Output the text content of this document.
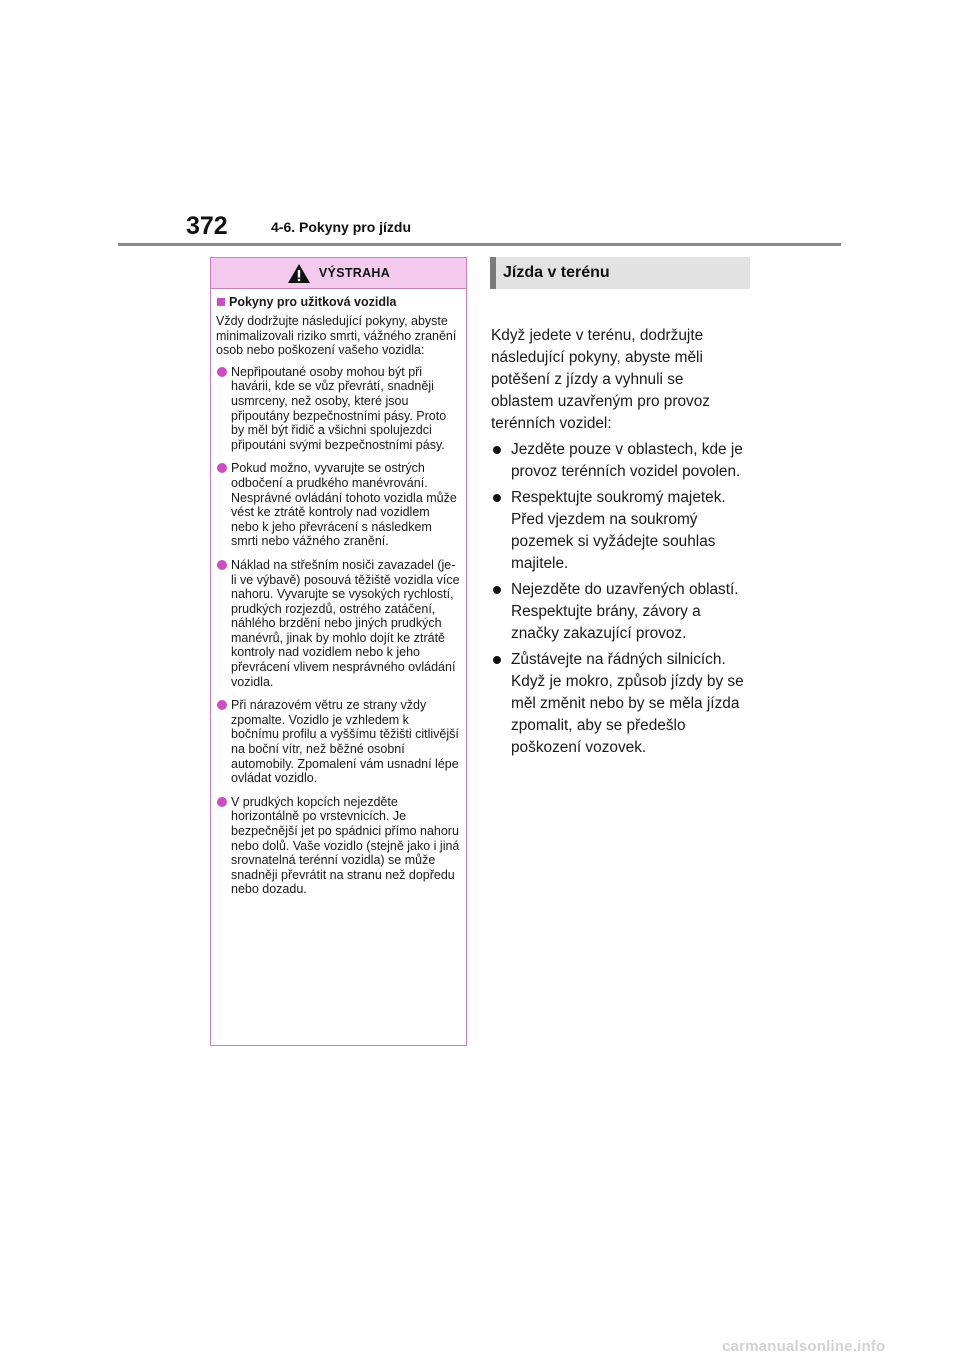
372	4-6. Pokyny pro jízdu
VÝSTRAHA
Pokyny pro užitková vozidla
Vždy dodržujte následující pokyny, abyste minimalizovali riziko smrti, vážného zranění osob nebo poškození vašeho vozidla:
Nepřipoutané osoby mohou být při havárii, kde se vůz převrátí, snadněji usmrceny, než osoby, které jsou připoutány bezpečnostními pásy. Proto by měl být řidič a všichni spolujezdci připoutáni svými bezpečnostními pásy.
Pokud možno, vyvarujte se ostrých odbočení a prudkého manévrování. Nesprávné ovládání tohoto vozidla může vést ke ztrátě kontroly nad vozidlem nebo k jeho převrácení s následkem smrti nebo vážného zranění.
Náklad na střešním nosiči zavazadel (je-li ve výbavě) posouvá těžiště vozidla více nahoru. Vyvarujte se vysokých rychlostí, prudkých rozjezdů, ostrého zatáčení, náhlého brzdění nebo jiných prudkých manévrů, jinak by mohlo dojít ke ztrátě kontroly nad vozidlem nebo k jeho převrácení vlivem nesprávného ovládání vozidla.
Při nárazovém větru ze strany vždy zpomalte. Vozidlo je vzhledem k bočnímu profilu a vyššímu těžišti citlivější na boční vítr, než běžné osobní automobily. Zpomalení vám usnadní lépe ovládat vozidlo.
V prudkých kopcích nejezděte horizontálně po vrstevnicích. Je bezpečnější jet po spádnici přímo nahoru nebo dolů. Vaše vozidlo (stejně jako i jiná srovnatelná terénní vozidla) se může snadněji převrátit na stranu než dopředu nebo dozadu.
Jízda v terénu
Když jedete v terénu, dodržujte následující pokyny, abyste měli potěšení z jízdy a vyhnuli se oblastem uzavřeným pro provoz terénních vozidel:
Jezděte pouze v oblastech, kde je provoz terénních vozidel povolen.
Respektujte soukromý majetek. Před vjezdem na soukromý pozemek si vyžádejte souhlas majitele.
Nejezděte do uzavřených oblastí. Respektujte brány, závory a značky zakazující provoz.
Zůstávejte na řádných silnicích. Když je mokro, způsob jízdy by se měl změnit nebo by se měla jízda zpomalit, aby se předešlo poškození vozovek.
carmanualsonline.info
